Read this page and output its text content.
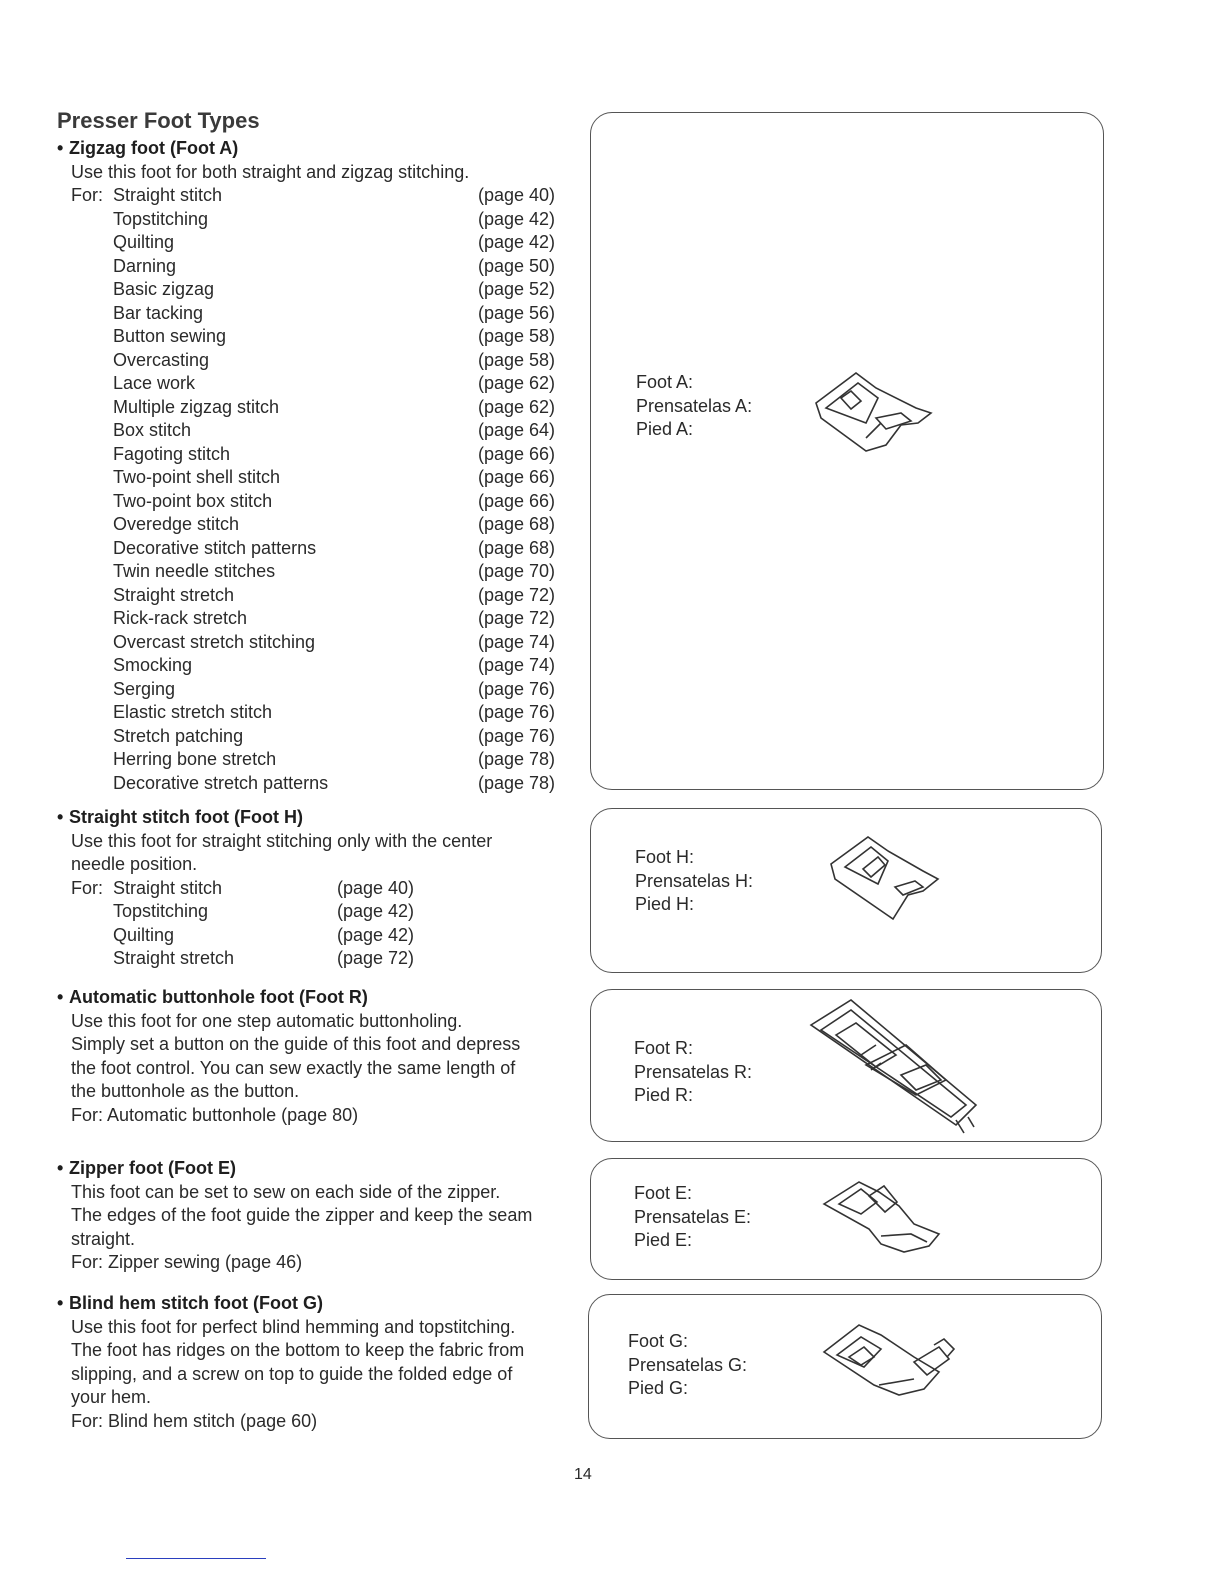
Presser Foot Types
• Zigzag foot (Foot A)
Use this foot for both straight and zigzag stitching.
For: Straight stitch	(page 40)
Topstitching	(page 42)
Quilting	(page 42)
Darning	(page 50)
Basic zigzag	(page 52)
Bar tacking	(page 56)
Button sewing	(page 58)
Overcasting	(page 58)
Lace work	(page 62)
Multiple zigzag stitch	(page 62)
Box stitch	(page 64)
Fagoting stitch	(page 66)
Two-point shell stitch	(page 66)
Two-point box stitch	(page 66)
Overedge stitch	(page 68)
Decorative stitch patterns	(page 68)
Twin needle stitches	(page 70)
Straight stretch	(page 72)
Rick-rack stretch	(page 72)
Overcast stretch stitching	(page 74)
Smocking	(page 74)
Serging	(page 76)
Elastic stretch stitch	(page 76)
Stretch patching	(page 76)
Herring bone stretch	(page 78)
Decorative stretch patterns	(page 78)
• Straight stitch foot (Foot H)
Use this foot for straight stitching only with the center
needle position.
For: Straight stitch	(page 40)
Topstitching	(page 42)
Quilting	(page 42)
Straight stretch	(page 72)
• Automatic buttonhole foot (Foot R)
Use this foot for one step automatic buttonholing.
Simply set a button on the guide of this foot and depress
the foot control. You can sew exactly the same length of
the buttonhole as the button.
For: Automatic buttonhole (page 80)
• Zipper foot (Foot E)
This foot can be set to sew on each side of the zipper.
The edges of the foot guide the zipper and keep the seam
straight.
For: Zipper sewing (page 46)
• Blind hem stitch foot (Foot G)
Use this foot for perfect blind hemming and topstitching.
The foot has ridges on the bottom to keep the fabric from
slipping, and a screw on top to guide the folded edge of
your hem.
For: Blind hem stitch (page 60)
Foot A:
Prensatelas A:
Pied A:
Foot H:
Prensatelas H:
Pied H:
Foot R:
Prensatelas R:
Pied R:
Foot E:
Prensatelas E:
Pied E:
Foot G:
Prensatelas G:
Pied G:
14
